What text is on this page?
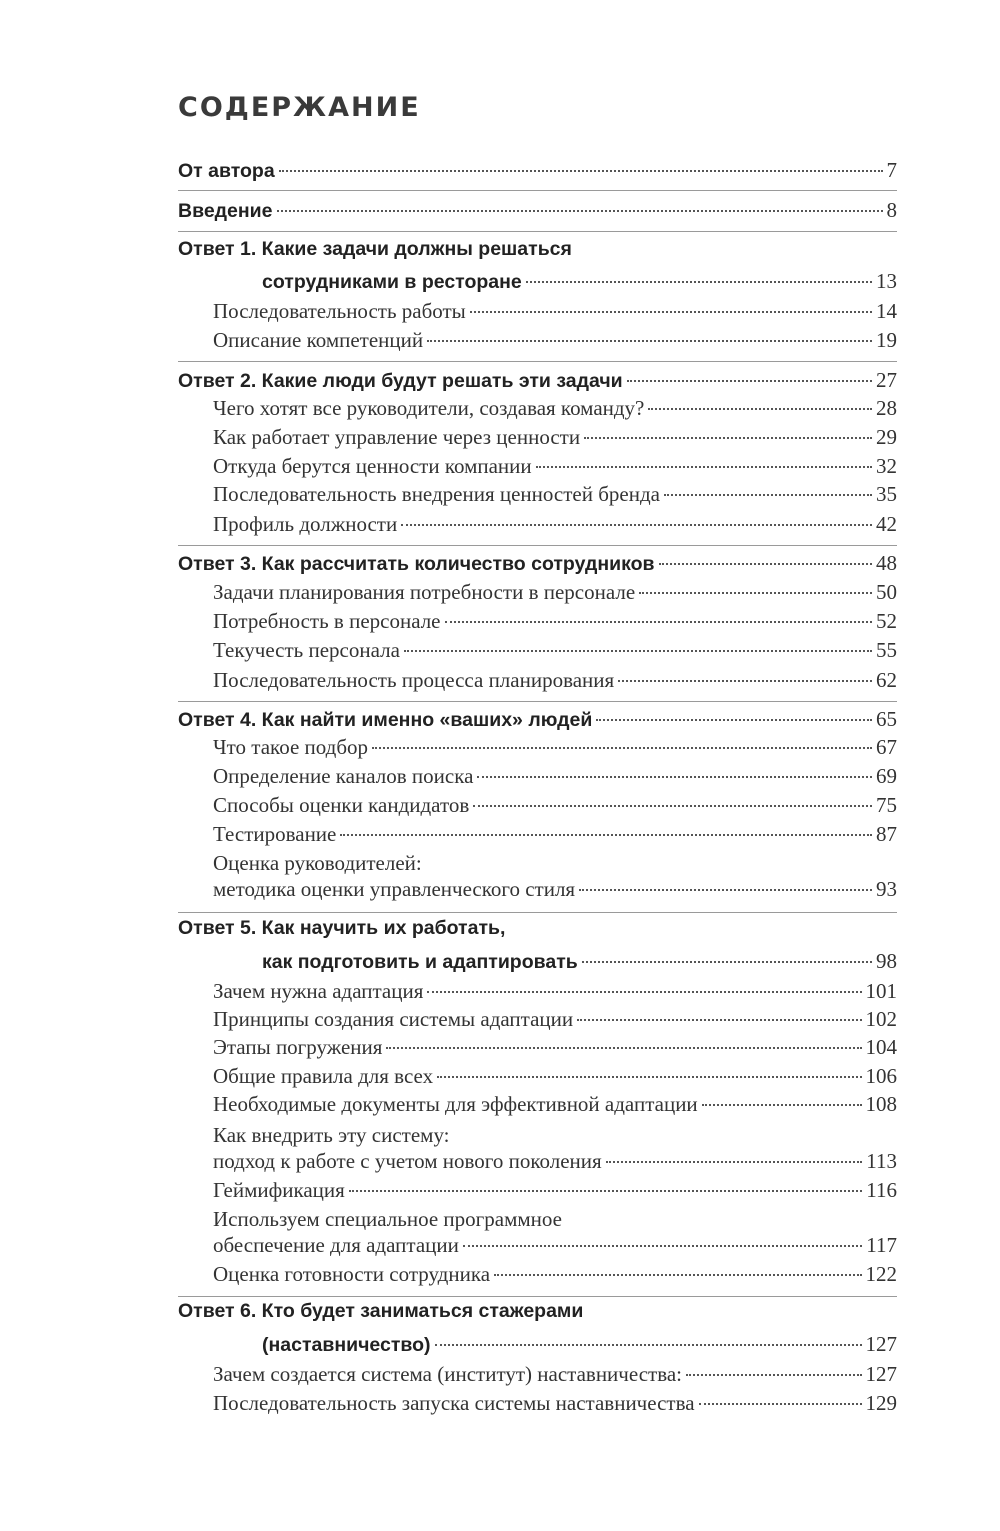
СОДЕРЖАНИЕ
От автора	7
Введение	8
Ответ 1. Какие задачи должны решаться
сотрудниками в ресторане	13
Последовательность работы	14
Описание компетенций	19
Ответ 2. Какие люди будут решать эти задачи	27
Чего хотят все руководители, создавая команду?	28
Как работает управление через ценности	29
Откуда берутся ценности компании	32
Последовательность внедрения ценностей бренда	35
Профиль должности	42
Ответ 3. Как рассчитать количество сотрудников	48
Задачи планирования потребности в персонале	50
Потребность в персонале	52
Текучесть персонала	55
Последовательность процесса планирования	62
Ответ 4. Как найти именно «ваших» людей	65
Что такое подбор	67
Определение каналов поиска	69
Способы оценки кандидатов	75
Тестирование	87
Оценка руководителей:
методика оценки управленческого стиля	93
Ответ 5. Как научить их работать,
как подготовить и адаптировать	98
Зачем нужна адаптация	101
Принципы создания системы адаптации	102
Этапы погружения	104
Общие правила для всех	106
Необходимые документы для эффективной адаптации	108
Как внедрить эту систему:
подход к работе с учетом нового поколения	113
Геймификация	116
Используем специальное программное
обеспечение для адаптации	117
Оценка готовности сотрудника	122
Ответ 6. Кто будет заниматься стажерами
(наставничество)	127
Зачем создается система (институт) наставничества:	127
Последовательность запуска системы наставничества	129
